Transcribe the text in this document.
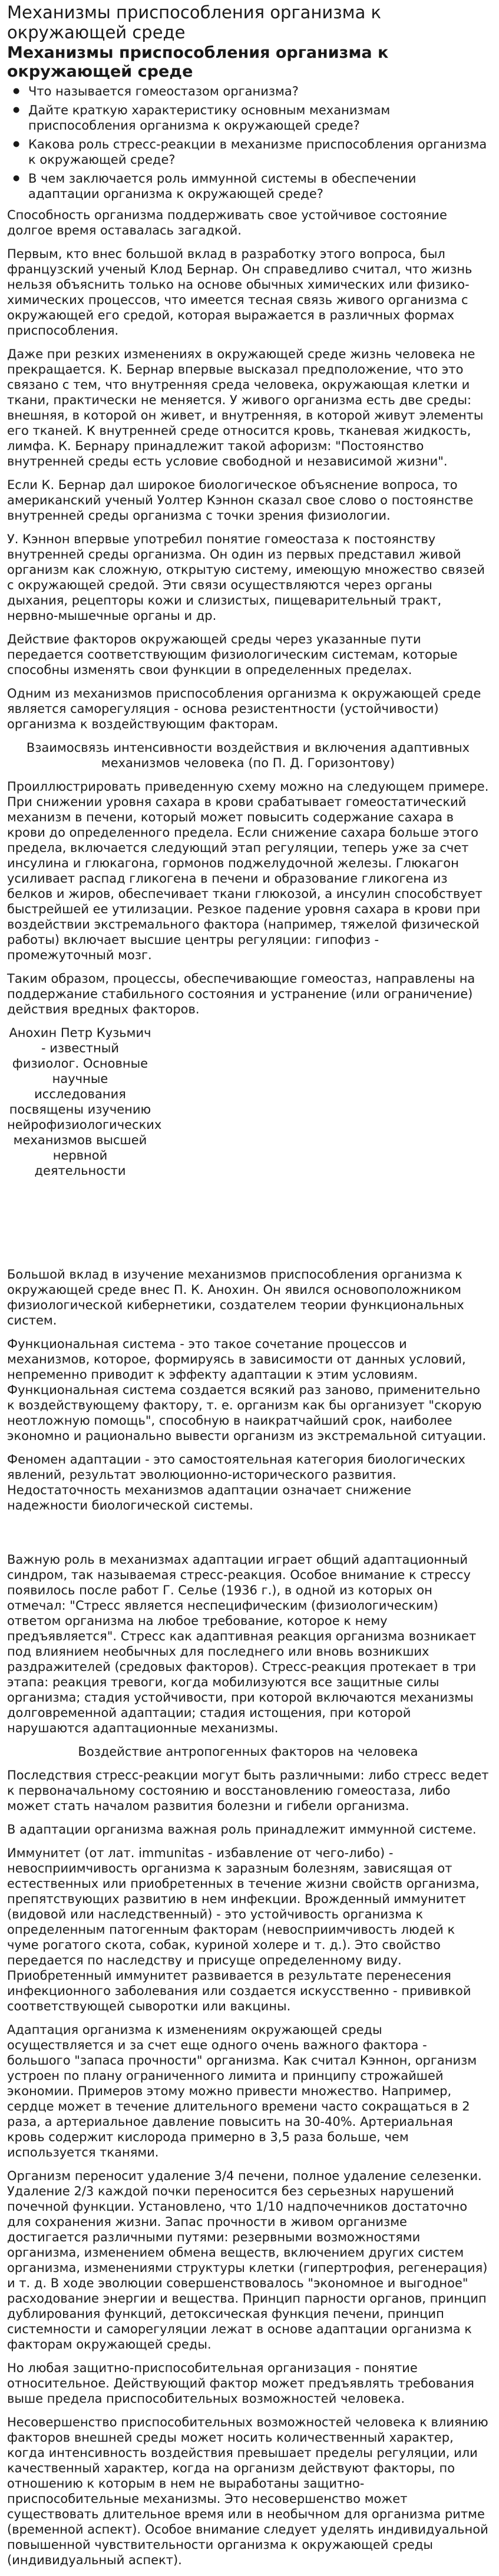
Механизмы приспособления организма к окружающей среде
Механизмы приспособления организма к окружающей среде
● Что называется гомеостазом организма?
● Дайте краткую характеристику основным механизмам приспособления организма к окружающей среде?
● Какова роль стресс-реакции в механизме приспособления организма к окружающей среде?
● В чем заключается роль иммунной системы в обеспечении адаптации организма к окружающей среде?

Способность организма поддерживать свое устойчивое состояние долгое время оставалась загадкой.

Первым, кто внес большой вклад в разработку этого вопроса, был французский ученый Клод Бернар. Он справедливо считал, что жизнь нельзя объяснить только на основе обычных химических или физико-химических процессов, что имеется тесная связь живого организма с окружающей его средой, которая выражается в различных формах приспособления.

Даже при резких изменениях в окружающей среде жизнь человека не прекращается. К. Бернар впервые высказал предположение, что это связано с тем, что внутренняя среда человека, окружающая клетки и ткани, практически не меняется. У живого организма есть две среды: внешняя, в которой он живет, и внутренняя, в которой живут элементы его тканей. К внутренней среде относится кровь, тканевая жидкость, лимфа. К. Бернару принадлежит такой афоризм: "Постоянство внутренней среды есть условие свободной и независимой жизни".

Если К. Бернар дал широкое биологическое объяснение вопроса, то американский ученый Уолтер Кэннон сказал свое слово о постоянстве внутренней среды организма с точки зрения физиологии.

У. Кэннон впервые употребил понятие гомеостаза к постоянству внутренней среды организма. Он один из первых представил живой организм как сложную, открытую систему, имеющую множество связей с окружающей средой. Эти связи осуществляются через органы дыхания, рецепторы кожи и слизистых, пищеварительный тракт, нервно-мышечные органы и др.

Действие факторов окружающей среды через указанные пути передается соответствующим физиологическим системам, которые способны изменять свои функции в определенных пределах.

Одним из механизмов приспособления организма к окружающей среде является саморегуляция - основа резистентности (устойчивости) организма к воздействующим факторам.

Взаимосвязь интенсивности воздействия и включения адаптивных механизмов человека (по П. Д. Горизонтову)

Проиллюстрировать приведенную схему можно на следующем примере. При снижении уровня сахара в крови срабатывает гомеостатический механизм в печени, который может повысить содержание сахара в крови до определенного предела. Если снижение сахара больше этого предела, включается следующий этап регуляции, теперь уже за счет инсулина и глюкагона, гормонов поджелудочной железы. Глюкагон усиливает распад гликогена в печени и образование гликогена из белков и жиров, обеспечивает ткани глюкозой, а инсулин способствует быстрейшей ее утилизации. Резкое падение уровня сахара в крови при воздействии экстремального фактора (например, тяжелой физической работы) включает высшие центры регуляции: гипофиз - промежуточный мозг.

Таким образом, процессы, обеспечивающие гомеостаз, направлены на поддержание стабильного состояния и устранение (или ограничение) действия вредных факторов.

Анохин Петр Кузьмич - известный физиолог. Основные научные исследования посвящены изучению нейрофизиологических механизмов высшей нервной деятельности

Большой вклад в изучение механизмов приспособления организма к окружающей среде внес П. К. Анохин. Он явился основоположником физиологической кибернетики, создателем теории функциональных систем.

Функциональная система - это такое сочетание процессов и механизмов, которое, формируясь в зависимости от данных условий, непременно приводит к эффекту адаптации к этим условиям. Функциональная система создается всякий раз заново, применительно к воздействующему фактору, т. е. организм как бы организует "скорую неотложную помощь", способную в наикратчайший срок, наиболее экономно и рационально вывести организм из экстремальной ситуации.

Феномен адаптации - это самостоятельная категория биологических явлений, результат эволюционно-исторического развития. Недостаточность механизмов адаптации означает снижение надежности биологической системы.

Важную роль в механизмах адаптации играет общий адаптационный синдром, так называемая стресс-реакция. Особое внимание к стрессу появилось после работ Г. Селье (1936 г.), в одной из которых он отмечал: "Стресс является неспецифическим (физиологическим) ответом организма на любое требование, которое к нему предъявляется". Стресс как адаптивная реакция организма возникает под влиянием необычных для последнего или вновь возникших раздражителей (средовых факторов). Стресс-реакция протекает в три этапа: реакция тревоги, когда мобилизуются все защитные силы организма; стадия устойчивости, при которой включаются механизмы долговременной адаптации; стадия истощения, при которой нарушаются адаптационные механизмы.

Воздействие антропогенных факторов на человека

Последствия стресс-реакции могут быть различными: либо стресс ведет к первоначальному состоянию и восстановлению гомеостаза, либо может стать началом развития болезни и гибели организма.

В адаптации организма важная роль принадлежит иммунной системе.

Иммунитет (от лат. immunitas - избавление от чего-либо) - невосприимчивость организма к заразным болезням, зависящая от естественных или приобретенных в течение жизни свойств организма, препятствующих развитию в нем инфекции. Врожденный иммунитет (видовой или наследственный) - это устойчивость организма к определенным патогенным факторам (невосприимчивость людей к чуме рогатого скота, собак, куриной холере и т. д.). Это свойство передается по наследству и присуще определенному виду. Приобретенный иммунитет развивается в результате перенесения инфекционного заболевания или создается искусственно - прививкой соответствующей сыворотки или вакцины.

Адаптация организма к изменениям окружающей среды осуществляется и за счет еще одного очень важного фактора - большого "запаса прочности" организма. Как считал Кэннон, организм устроен по плану ограниченного лимита и принципу строжайшей экономии. Примеров этому можно привести множество. Например, сердце может в течение длительного времени часто сокращаться в 2 раза, а артериальное давление повысить на 30-40%. Артериальная кровь содержит кислорода примерно в 3,5 раза больше, чем используется тканями.

Организм переносит удаление 3/4 печени, полное удаление селезенки. Удаление 2/3 каждой почки переносится без серьезных нарушений почечной функции. Установлено, что 1/10 надпочечников достаточно для сохранения жизни. Запас прочности в живом организме достигается различными путями: резервными возможностями организма, изменением обмена веществ, включением других систем организма, изменениями структуры клетки (гипертрофия, регенерация) и т. д. В ходе эволюции совершенствовалось "экономное и выгодное" расходование энергии и вещества. Принцип парности органов, принцип дублирования функций, детоксическая функция печени, принцип системности и саморегуляции лежат в основе адаптации организма к факторам окружающей среды.

Но любая защитно-приспособительная организация - понятие относительное. Действующий фактор может предъявлять требования выше предела приспособительных возможностей человека.

Несовершенство приспособительных возможностей человека к влиянию факторов внешней среды может носить количественный характер, когда интенсивность воздействия превышает пределы регуляции, или качественный характер, когда на организм действуют факторы, по отношению к которым в нем не выработаны защитно-приспособительные механизмы. Это несовершенство может существовать длительное время или в необычном для организма ритме (временной аспект). Особое внимание следует уделять индивидуальной повышенной чувствительности организма к окружающей среды (индивидуальный аспект).
